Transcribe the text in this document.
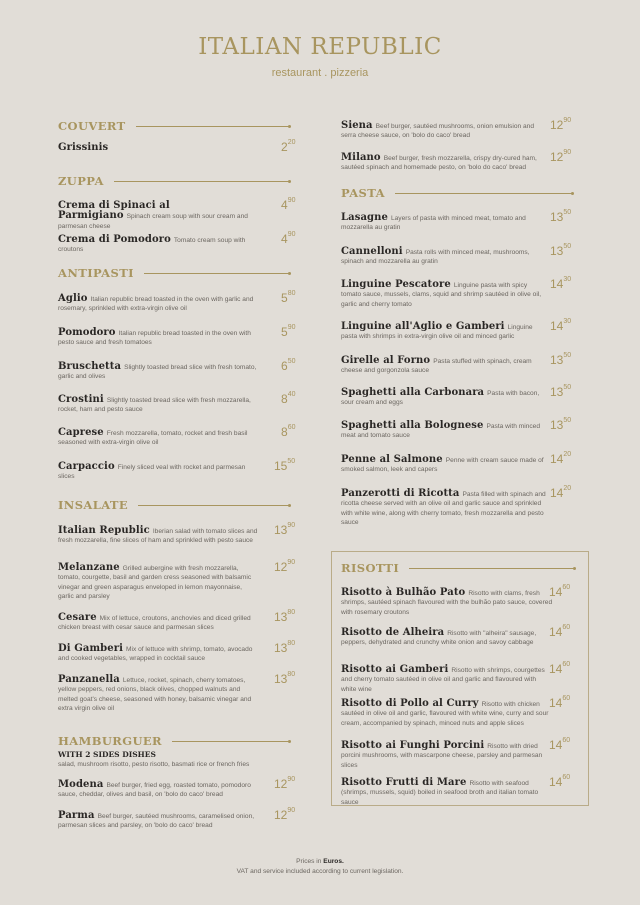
ITALIAN REPUBLIC
restaurant . pizzeria
COUVERT
Grissinis	$2^{20}$
ZUPPA
Crema di Spinaci al Parmigiano Spinach cream soup with sour cream and parmesan cheese
$4^{90}$
Crema di Pomodoro Tomato cream soup with croutons
$4^{90}$
ANTIPASTI
Aglio Italian republic bread toasted in the oven with garlic and rosemary, sprinkled with extra-virgin olive oil
$5^{80}$
Pomodoro Italian republic bread toasted in the oven with pesto sauce and fresh tomatoes
$5^{90}$
Bruschetta Slightly toasted bread slice with fresh tomato, garlic and olives
$6^{50}$
Crostini Slightly toasted bread slice with fresh mozzarella, rocket, ham and pesto sauce
$8^{40}$
Caprese Fresh mozzarella, tomato, rocket and fresh basil seasoned with extra-virgin olive oil
$8^{60}$
Carpaccio Finely sliced veal with rocket and parmesan slices
$15^{50}$
INSALATE
Italian Republic Iberian salad with tomato slices and fresh mozzarella, fine slices of ham and sprinkled with pesto sauce
$13^{90}$
Melanzane Grilled aubergine with fresh mozzarella, tomato, courgette, basil and garden cress seasoned with balsamic vinegar and green asparagus enveloped in lemon mayonnaise, garlic and parsley
$12^{90}$
Cesare Mix of lettuce, croutons, anchovies and diced grilled chicken breast with cesar sauce and parmesan slices
$13^{80}$
Di Gamberi Mix of lettuce with shrimp, tomato, avocado and cooked vegetables, wrapped in cocktail sauce
$13^{80}$
Panzanella Lettuce, rocket, spinach, cherry tomatoes, yellow peppers, red onions, black olives, chopped walnuts and melted goat's cheese, seasoned with honey, balsamic vinegar and extra virgin olive oil
$13^{80}$
HAMBURGUER
WITH 2 SIDES DISHES
salad, mushroom risotto, pesto risotto, basmati rice or french fries
Modena Beef burger, fried egg, roasted tomato, pomodoro sauce, cheddar, olives and basil, on 'bolo do caco' bread
$12^{90}$
Parma Beef burger, sautéed mushrooms, caramelised onion, parmesan slices and parsley, on 'bolo do caco' bread
$12^{90}$
Siena Beef burger, sautéed mushrooms, onion emulsion and serra cheese sauce, on 'bolo do caco' bread
$12^{90}$
Milano Beef burger, fresh mozzarella, crispy dry-cured ham, sautéed spinach and homemade pesto, on 'bolo do caco' bread
$12^{90}$
PASTA
Lasagne Layers of pasta with minced meat, tomato and mozzarella au gratin
$13^{50}$
Cannelloni Pasta rolls with minced meat, mushrooms, spinach and mozzarella au gratin
$13^{50}$
Linguine Pescatore Linguine pasta with spicy tomato sauce, mussels, clams, squid and shrimp sautéed in olive oil, garlic and cherry tomato
$14^{30}$
Linguine all'Aglio e Gamberi Linguine pasta with shrimps in extra-virgin olive oil and minced garlic
$14^{30}$
Girelle al Forno Pasta stuffed with spinach, cream cheese and gorgonzola sauce
$13^{50}$
Spaghetti alla Carbonara Pasta with bacon, sour cream and eggs
$13^{50}$
Spaghetti alla Bolognese Pasta with minced meat and tomato sauce
$13^{50}$
Penne al Salmone Penne with cream sauce made of smoked salmon, leek and capers
$14^{20}$
Panzerotti di Ricotta Pasta filled with spinach and ricotta cheese served with an olive oil and garlic sauce and sprinkled with white wine, along with cherry tomato, fresh mozzarella and pesto sauce
$14^{20}$
RISOTTI
Risotto à Bulhão Pato Risotto with clams, fresh shrimps, sautéed spinach flavoured with the bulhão pato sauce, covered with rosemary croutons
$14^{60}$
Risotto de Alheira Risotto with "alheira" sausage, peppers, dehydrated and crunchy white onion and savoy cabbage
$14^{60}$
Risotto ai Gamberi Risotto with shrimps, courgettes and cherry tomato sautéed in olive oil and garlic and flavoured with white wine
$14^{60}$
Risotto di Pollo al Curry Risotto with chicken sautéed in olive oil and garlic, flavoured with white wine, curry and sour cream, accompanied by spinach, minced nuts and apple slices
$14^{60}$
Risotto ai Funghi Porcini Risotto with dried porcini mushrooms, with mascarpone cheese, parsley and parmesan slices
$14^{60}$
Risotto Frutti di Mare Risotto with seafood (shrimps, mussels, squid) boiled in seafood broth and italian tomato sauce
$14^{60}$
Prices in Euros.
VAT and service included according to current legislation.
